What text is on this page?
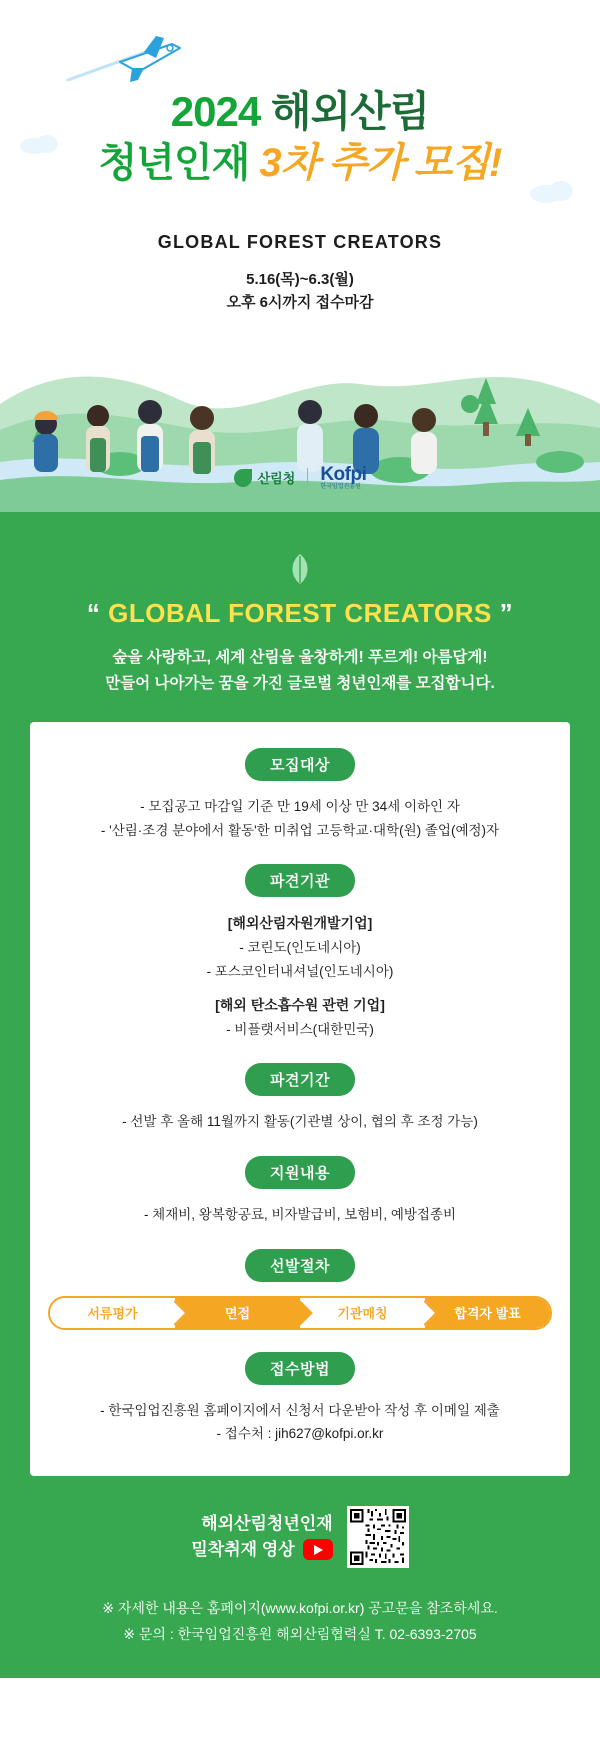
2024 해외산림
청년인재 3차 추가 모집!
GLOBAL FOREST CREATORS
5.16(목)~6.3(월)
오후 6시까지 접수마감
산림청 Kofpi
한국임업진흥원
“ GLOBAL FOREST CREATORS ”
숲을 사랑하고, 세계 산림을 울창하게! 푸르게! 아름답게!
만들어 나아가는 꿈을 가진 글로벌 청년인재를 모집합니다.
모집대상
- 모집공고 마감일 기준 만 19세 이상 만 34세 이하인 자
- '산림·조경 분야에서 활동'한 미취업 고등학교·대학(원) 졸업(예정)자
파견기관
[해외산림자원개발기업]
- 코린도(인도네시아)
- 포스코인터내셔널(인도네시아)
[해외 탄소흡수원 관련 기업]
- 비플랫서비스(대한민국)
파견기간
- 선발 후 올해 11월까지 활동(기관별 상이, 협의 후 조정 가능)
지원내용
- 체재비, 왕복항공료, 비자발급비, 보험비, 예방접종비
선발절차
서류평가	면접	기관매칭	합격자 발표
접수방법
- 한국임업진흥원 홈페이지에서 신청서 다운받아 작성 후 이메일 제출
- 접수처 : jih627@kofpi.or.kr
해외산림청년인재
밀착취재 영상
※ 자세한 내용은 홈페이지(www.kofpi.or.kr) 공고문을 참조하세요.
※ 문의 : 한국임업진흥원 해외산림협력실 T. 02-6393-2705
